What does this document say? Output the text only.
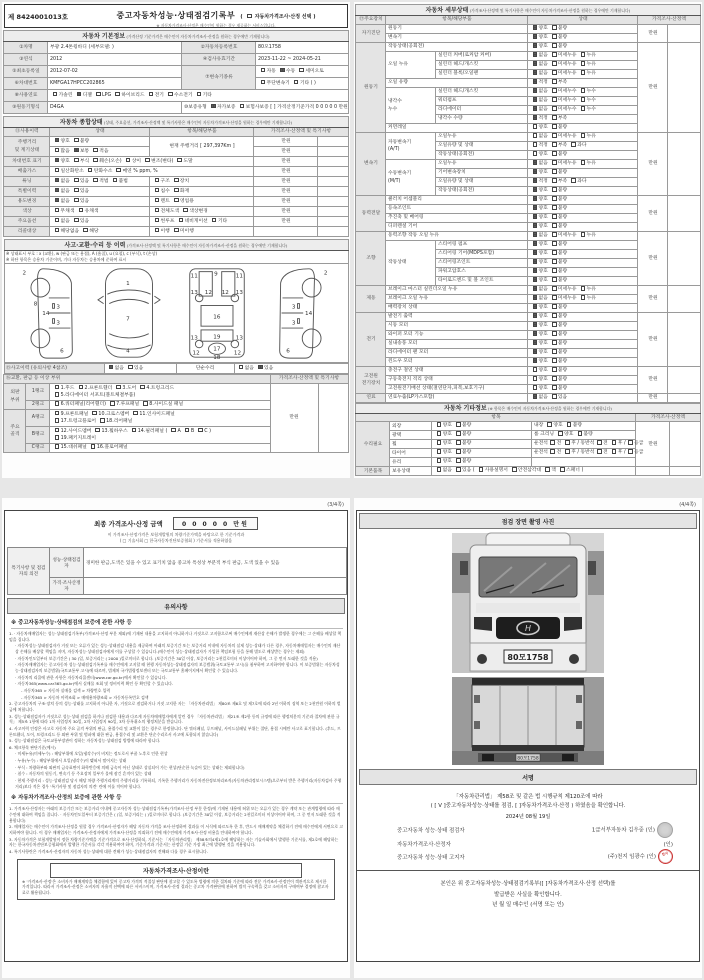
제 8424001013호	중고자동차성능·상태점검기록부 (  자동차가격조사·산정 선택 )
※ 자동차가격조사·산정은 매수인이 원하는 경우 제공하는 서비스입니다.
자동차 기본정보 (가격산정 기준가격은 매수인이 자동차가격조사·산정을 원하는 경우에만 기재합니다)			

①차명	부광 2.4톤윙바디 (세부모델: )	②자동차등록번호	80모1758

③연식	2012	④검사유효기간	2023-11-22 ~ 2024-05-21

⑤최초등록일	2012-07-02	⑦변속기종류	자동 수동 세미오토

⑥차대번호	KMFGA17HPCC202865		무단변속기 기타 ( )

⑧사용연료	가솔린 디젤 LPG 하이브리드 전기 수소전기 기타		

⑨원동기형식	D4GA	⑩보증유형 자가보증 보험사보증 [ ] 가격산정기준가격 0 0 0 0 0 만원	
자동차 종합상태 (상태, 주요옵션, 가격조사·산정액 및 특기사항은 매수인이 자동차가격조사·산정을 원하는 경우에만 기재합니다)				

⑪사용이력	상태	항목/해당부품	가격조사·산정액 및 특기사항	

주행거리
및 계기상태	양호 불량	현재 주행거리 [ 297,397Km ]	만원	

	많음 보통 적음		만원	

차대번호 표기	양호 부식 훼손(오손) 상이 변조(변타) 도말		만원	

배출가스	일산화탄소 탄화수소 매연 % ppm, %		만원	

튜닝	없음 있음 적법 불법	구조 장치	만원	

특별이력	없음 있음	침수 화재	만원	

용도변경	없음 있음	렌트 영업용	만원	

색상	무채색 유채색	전체도색 색상변경	만원	

주요옵션	없음 있음	썬루프 네비게이션 기타	만원	

리콜대상	해당없음 해당	이행 미이행		

사고·교환·수리 등 이력 (가격조사·산정액 및 특기사항은 매수인이 자동차가격조사·산정을 원하는 경우에만 기재합니다)

※ 상태표시 부호 : x (교환), w (판금 또는 용접), A (흠집), u (요철), c (부식), t (손상)
※ 하단 항목은 승용차 기준이며, 기타 자동차는 승용차에 준하여 표시
2
8	3
3
6
14
1
7
4
9
11	11
13	13
12 12
16
19
17
18
13	13
12	12
2
3
3
6
14
⑮사고이력 (유의사항 4참조)	없음 있음	단순수리	없음 있음
⑯교환, 판금 등 이상 부위			가격조사·산정액 및 특기사항	

외판
부위

1랭크

1.후드 2.프론트휀더 3.도어 4.트렁크리드
5.라디에이터 서포트(볼트체결부품)

만원

	2랭크	6.쿼터패널(리어휀더) 7.루프패널 8.사이드실 패널		

주요
골격

A랭크

9.프론트패널 10.크로스멤버 11.인사이드패널
17.트렁크플로어 18.리어패널

	B랭크	12.사이드멤버 13.휠하우스 14.필러패널 ( A B C )
19.패키지트레이		

	C랭크	15.대쉬패널 16.플로어패널		
자동차 세부상태 (가격조사·산정액 및 특기사항은 매수인이 자동차가격조사·산정을 원하는 경우에만 기재합니다)					

⑰주요장치	항목/해당부품		상태	가격조사·산정액	

자기진단	원동기		양호 불량	만원	

	변속기		양호 불량		

원동기	작동상태(공회전)		양호 불량	만원	

	오일 누유	실린더 커버(로커암 커버)	없음 미세누유 누유		

		실린더 헤드/개스킷	없음 미세누유 누유		

		실린더 블록/오일팬	없음 미세누유 누유		

	오일 유량		적정 부족		

	냉각수
누수	실린더 헤드/개스킷	없음 미세누수 누수		

		워터펌프	없음 미세누수 누수		

		라디에이터	없음 미세누수 누수		

		냉각수 수량	적정 부족		

	커먼레일		양호 불량		

변속기	자동변속기
(A/T)	오일누유	없음 미세누유 누유	만원	

		오일유량 및 상태	적정 부족 과다		

		작동상태(공회전)	양호 불량		

	수동변속기
(M/T)	오일누유	없음 미세누유 누유		

		기어변속장치	양호 불량		

		오일유량 및 상태	적정 부족 과다		

		작동상태(공회전)	양호 불량		

동력전달	클러치 어셈블리		양호 불량	만원	

	등속조인트		양호 불량		

	추진축 및 베어링		양호 불량		

	디퍼렌셜 기어		양호 불량		

조향	동력조향 작동 오일 누유		없음 미세누유 누유	만원	

	작동상태	스티어링 펌프	양호 불량		

		스티어링 기어(MDPS포함)	양호 불량		

		스티어링조인트	양호 불량		

		파워고압호스	양호 불량		

		타이로드엔드 및 볼 조인트	양호 불량		

제동	브레이크 마스터 실린더오일 누유		없음 미세누유 누유	만원	

	브레이크 오일 누유		없음 미세누유 누유		

	배력장치 상태		양호 불량		

전기	발전기 출력		양호 불량	만원	

	시동 모터		양호 불량		

	와이퍼 모터 기능		양호 불량		

	실내송풍 모터		양호 불량		

	라디에이터 팬 모터		양호 불량		

	윈도우 모터		양호 불량		

고전원
전기장치	충전구 절연 상태		양호 불량	만원	

	구동축전지 격리 상태		양호 불량		

	고전원전기배선 상태(절연단자,피복,보호기구)		양호 불량		

연료	연료누출(LP가스포함)		없음 있음	만원	

자동차 기타정보 (※ 항목은 매수인이 자동차가격조사·산정을 원하는 경우에만 기재합니다)					

항목				가격조사·산정액	

수리필요	외장	양호 불량	내장 양호 불량	만원	

	광택	양호 불량	룸 크리닝 양호 불량		

	휠	양호 불량	운전석 전 후 / 동반석 전 후 / 응급		

	타이어	양호 불량	운전석 전 후 / 동반석 전 후 / 응급		

	유리	양호 불량			

기본품목	보유상태	없음 있음 ( 사용설명서 안전삼각대 잭 스패너 )			

(3/4쪽)
최종 가격조사·산정 금액	0 0 0 0 0 만원
이 가격조사·산정가격은 보험개발원의 차량기준가액을 바탕으로 한 기준가격과
( □ 기술사회 □ 한국자동차진단보증협회 ) 기준서를 적용하였음
특기사항 및 점검자의 의견	성능·상태점검자	경미한 판금,도색은 있을 수 있고 표기치 않음 중고차 특성상 부분적 부식 판금, 도색 있을 수 있음
	가격·조사산정자	
유의사항
※ 중고자동차성능·상태점검의 보증에 관한 사항 등
1. · 자동차매매업자는 성능·상태점검기록부(가격조사·산정 부분 제외)에 기재된 내용을 고지하지 아니하거나 거짓으로 고지함으로써 매수인에게 재산상 손해가 발생한 경우에는 그 손해를 배상할 책임을 집니다.
· 자동차성능·상태점검자가 거짓 또는 오류가 있는 성능·상태점검 내용을 제공하여 아래의 보증기간 또는 보증거리 이내에 자동차의 실제 성능·상태가 다른 경우, 자동차매매업자는 매수인의 재산상 손해를 배상할 책임을 지며, 자동차성능·상태점검자에게 이를 구상할 수 있습니다.(매수인이 성능·상태점검자가 가입한 책임보험 등을 통해 별도로 배상받는 경우는 제외)
· 자동차인도일부터 보증기간은 ( 30 )일, 보증거리는 ( 2000 )킬로미터로 합니다. (보증기간은 30일 이상, 보증거리는 2천킬로미터 이상이어야 하며, 그 중 먼저 도래한 것을 적용)
· 자동차매매업자는 중고자동차 성능·상태점검기록부를 매수인에게 고지할 때 현행 자동차성능·상태점검자의 보증범위(국토교통부 고시)를 첨부하여 고지하여야 합니다. 이 보증범위는 자동차성능·상태점검자의 보증범위(국토교통부 고시)에 따르며, 법제처 국가법령정보센터 또는 국토교통부 홈페이지에서 확인할 수 있습니다.
· 자동차의 리콜에 관한 사항은 자동차리콜센터(www.car.go.kr)에서 확인할 수 있습니다.
· 자동차365(www.car365.go.kr)에서 실매물 조회 및 정비이력 확인 등 확인할 수 있습니다.
- 자동차365 > 자동차 실매물 검색 > 차량번호 입력
- 자동차365 > 자동차 이력조회 > 매매용차량조회 > 자동차등록번호 검색
2. 중고자동차의 구조·장치 등의 성능·상태를 고지하지 아니한 자, 거짓으로 점검하거나 거짓 고지한 자는 「자동차관리법」 제80조 제6호 및 제7호에 따라 2년 이하의 징역 또는 2천만원 이하의 벌금에 처합니다.
3. 성능·상태점검자가 거짓으로 성능·상태 점검을 하거나 점검한 내용과 다르게 자동차매매업자에게 알린 경우 「자동차관리법」 제21조 제2항 등의 규정에 따른 행정처분의 기준과 절차에 관한 규칙」 제5조 1항에 따라 1차 사업정지 30일, 2차 사업정지 90일, 3차 등록취소의 행정처분을 받습니다.
4. 사고이력 인정은 사고로 자동차 주요 골격 부위의 판금, 용접수리 및 교환이 있는 경우로 한정합니다. 단 쿼터패널, 루프패널, 사이드실패널 부위는 절단, 용접 시에만 사고로 표기합니다. (후드, 프론트휀더, 도어, 트렁크리드 등 외판 부위 및 범퍼에 대한 판금, 용접수리 및 교환은 단순수리로서 사고에 포함되지 않습니다)
5. 성능·상태점검은 국토교통부장관이 정하는 자동차성능·상태점검 방법에 따라야 합니다.
6. 체크항목 판단기준(예시)
· 미세누유(미세누수) : 해당부위에 오일(냉각수)이 비치는 정도로서 부품 노후로 인한 현상
· 누유(누수) : 해당부위에서 오일(냉각수)이 맺혀서 떨어지는 상태
· 부식 : 차량하부와 외판의 금속표면이 화학반응에 의해 금속이 아닌 상태로 상실되어 가는 현상(단순한 녹슬어 있는 상태는 제외합니다)
· 침수 : 자동차의 원동기, 변속기 등 주요장치 일부가 물에 잠긴 흔적이 있는 상태
· 현재 주행거리 : 성능·상태점검 당시 해당 차량 주행거리계의 주행거리를 기록하되, 기록한 주행거리가 자동차전산정보처리조직(자동차관리정보시스템)으로부터 받은 주행거리(자동차검사 주행거리)보다 적은 경우 '특기사항 및 점검자의 의견' 란에 이를 적어야 합니다.
※ 자동차가격조사·산정의 보증에 관한 사항 등
1. 가격조사·산정자는 아래의 보증기간 또는 보증거리 이내에 중고자동차 성능·상태점검기록부(가격조사·산정 부분 한정)에 기재된 내용에 허위 또는 오류가 있는 경우 계약 또는 관계법령에 따라 매수인에 대하여 책임을 집니다. · 자동차인도일부터 보증기간은 ( )일, 보증거리는 ( )킬로미터로 합니다. (보증기간은 30일 이상, 보증거리는 2천킬로미터 이상이어야 하며, 그 중 먼저 도래한 것을 적용합니다)
2. 매매업자는 매수인이 가격조사·산정을 원할 경우 가격조사·산정자가 해당 자동차 가격을 조사·산정하여 결과를 이 서식에 따르도록 한 후, 반드시 매매계약을 체결하기 전에 매수인에게 서면으로 고지하여야 합니다. 이 경우 매매업자는 가격조사·산정자에게 가격조사·산정을 의뢰하기 전에 매수인에게 가격조사·산정 비용을 안내하여야 합니다.
3. 자동차가격은 보험개발원이 정한 차량기준가액을 기준가격으로 조사·산정하되, 기준서는 「자동차관리법」 제58조의4제1호에 해당하는 자는 기술사회에서 발행한 기준서를, 제2호에 해당하는 자는 한국자동차진단보증협회에서 발행한 기준서를 각각 적용하여야 하며, 기준가격과 기준서는 산정일 기준 가장 최근에 발행된 것을 적용합니다.
4. 특기사항란은 가격조사·산정자의 자동차 성능·상태에 대한 견해가 성능·상태점검자의 견해와 다를 경우 표시합니다.
자동차가격조사·산정이란
※ '가격조사·산정'은 소비자가 매매계약을 체결함에 있어 중고차 가격의 적절성 판단에 참고할 수 있도록 법령에 의한 절차와 기준에 따라 전문 가격조사·산정인이 객관적으로 제시한 가격입니다. 따라서 가격조사·산정은 소비자의 자율적 선택에 따른 서비스이며, 가격조사·산정 결과는 중고차 가격판단에 관하여 법적 구속력을 갖고 소비자의 구매여부 결정에 참고자료로 활용됩니다.
(4/4쪽)
점검 장면 촬영 사진
H
80모1758
80모1758
서명
「자동차관리법」 제58조 및 같은 법 시행규칙 제120조에 따라
( [ V ]중고자동차성능·상태를 점검, [ ]자동차가격조사·산정 ) 하였음을 확인합니다.
2024년 08월 19일
중고자동차 성능·상태 점검자	1급서부자동차 김우중 (인)
자동차가격조사·산정자	(인)
중고자동차 성능·상태 고지자	(주)천지 임광수 (인) 천지
본인은 위 중고자동차성능·상태점검기록부([ ]자동차가격조사·산정 선택)를
발급받은 사실을 확인합니다.
년 월 일 매수인 (서명 또는 인)
